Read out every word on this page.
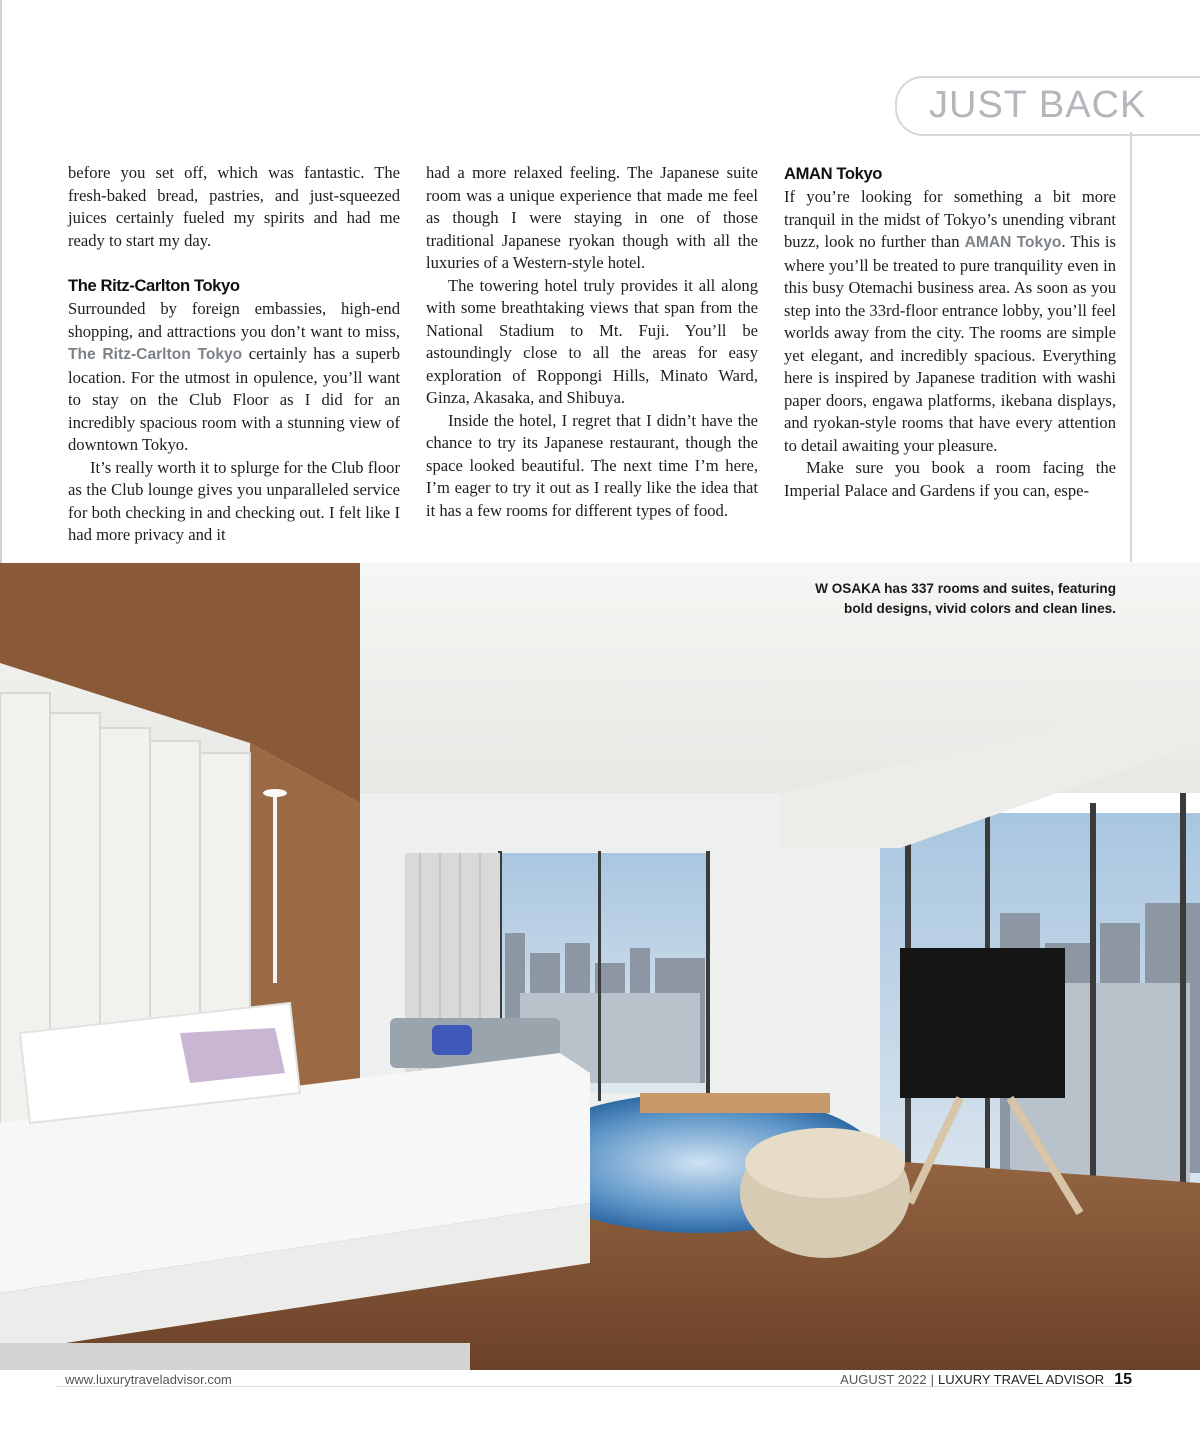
JUST BACK

before you set off, which was fantastic. The fresh-baked bread, pastries, and just-squeezed juices certainly fueled my spirits and had me ready to start my day.

The Ritz-Carlton Tokyo

Surrounded by foreign embassies, high-end shopping, and attractions you don’t want to miss, The Ritz-Carlton Tokyo certainly has a superb location. For the utmost in opulence, you’ll want to stay on the Club Floor as I did for an incredibly spacious room with a stunning view of downtown Tokyo.

It’s really worth it to splurge for the Club floor as the Club lounge gives you unparalleled service for both checking in and checking out. I felt like I had more privacy and it

had a more relaxed feeling. The Japanese suite room was a unique experience that made me feel as though I were staying in one of those traditional Japanese ryokan though with all the luxuries of a Western-style hotel.

The towering hotel truly provides it all along with some breathtaking views that span from the National Stadium to Mt. Fuji. You’ll be astoundingly close to all the areas for easy exploration of Roppongi Hills, Minato Ward, Ginza, Akasaka, and Shibuya.

Inside the hotel, I regret that I didn’t have the chance to try its Japanese restaurant, though the space looked beautiful. The next time I’m here, I’m eager to try it out as I really like the idea that it has a few rooms for different types of food.

AMAN Tokyo

If you’re looking for something a bit more tranquil in the midst of Tokyo’s unending vibrant buzz, look no further than AMAN Tokyo. This is where you’ll be treated to pure tranquility even in this busy Otemachi business area. As soon as you step into the 33rd-floor entrance lobby, you’ll feel worlds away from the city. The rooms are simple yet elegant, and incredibly spacious. Everything here is inspired by Japanese tradition with washi paper doors, engawa platforms, ikebana displays, and ryokan-style rooms that have every attention to detail awaiting your pleasure.

Make sure you book a room facing the Imperial Palace and Gardens if you can, espe-

W OSAKA has 337 rooms and suites, featuring bold designs, vivid colors and clean lines.
www.luxurytraveladvisor.com	AUGUST 2022 | LUXURY TRAVEL ADVISOR 15
